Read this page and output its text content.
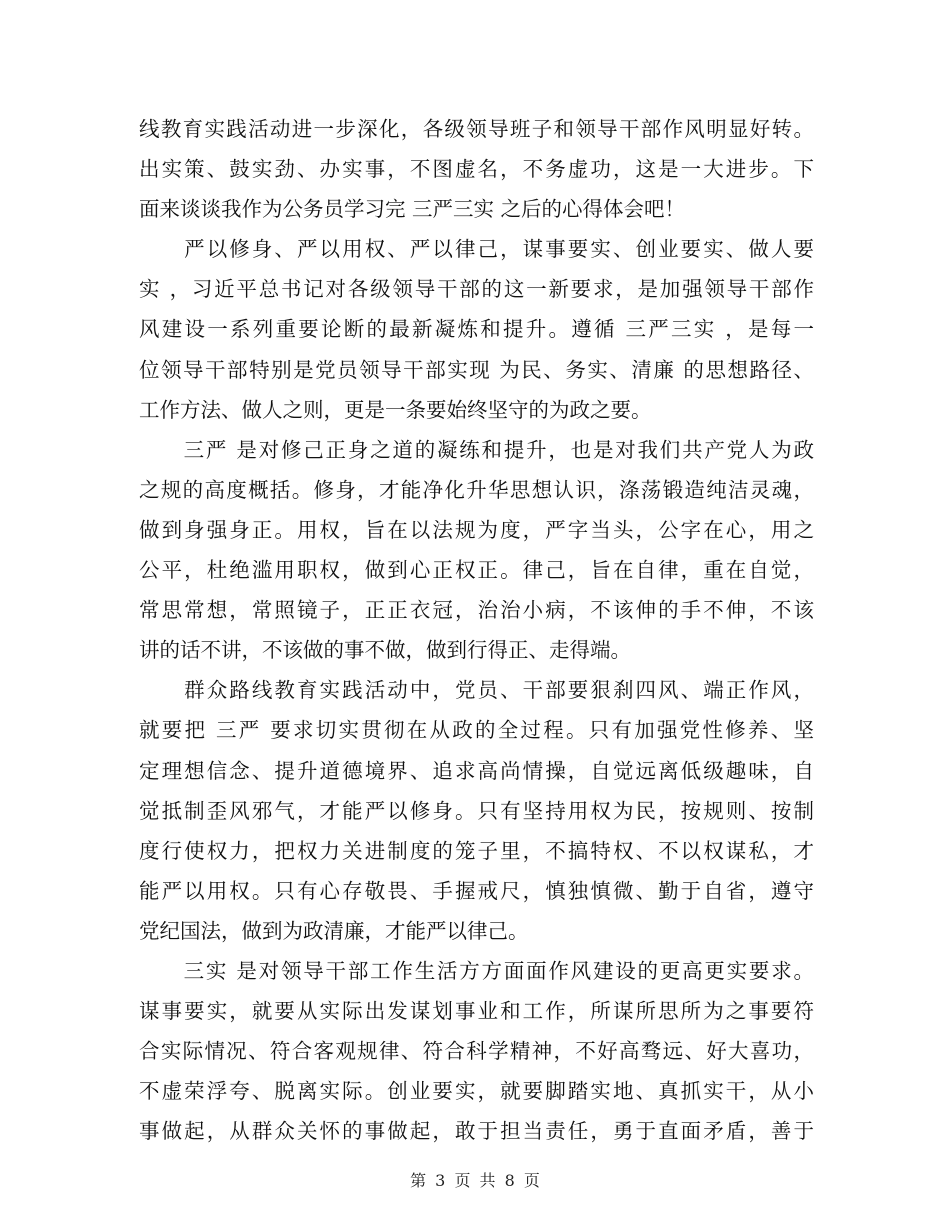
线教育实践活动进一步深化，各级领导班子和领导干部作风明显好转。
出实策、鼓实劲、办实事，不图虚名，不务虚功，这是一大进步。下
面来谈谈我作为公务员学习完 三严三实 之后的心得体会吧！
　　严以修身、严以用权、严以律己，谋事要实、创业要实、做人要
实 ，习近平总书记对各级领导干部的这一新要求，是加强领导干部作
风建设一系列重要论断的最新凝炼和提升。遵循 三严三实 ，是每一
位领导干部特别是党员领导干部实现 为民、务实、清廉 的思想路径、
工作方法、做人之则，更是一条要始终坚守的为政之要。
　　三严 是对修己正身之道的凝练和提升，也是对我们共产党人为政
之规的高度概括。修身，才能净化升华思想认识，涤荡锻造纯洁灵魂，
做到身强身正。用权，旨在以法规为度，严字当头，公字在心，用之
公平，杜绝滥用职权，做到心正权正。律己，旨在自律，重在自觉，
常思常想，常照镜子，正正衣冠，治治小病，不该伸的手不伸，不该
讲的话不讲，不该做的事不做，做到行得正、走得端。
　　群众路线教育实践活动中，党员、干部要狠刹四风、端正作风，
就要把 三严 要求切实贯彻在从政的全过程。只有加强党性修养、坚
定理想信念、提升道德境界、追求高尚情操，自觉远离低级趣味，自
觉抵制歪风邪气，才能严以修身。只有坚持用权为民，按规则、按制
度行使权力，把权力关进制度的笼子里，不搞特权、不以权谋私，才
能严以用权。只有心存敬畏、手握戒尺，慎独慎微、勤于自省，遵守
党纪国法，做到为政清廉，才能严以律己。
　　三实 是对领导干部工作生活方方面面作风建设的更高更实要求。
谋事要实，就要从实际出发谋划事业和工作，所谋所思所为之事要符
合实际情况、符合客观规律、符合科学精神，不好高骛远、好大喜功，
不虚荣浮夸、脱离实际。创业要实，就要脚踏实地、真抓实干，从小
事做起，从群众关怀的事做起，敢于担当责任，勇于直面矛盾，善于
第 3 页 共 8 页
